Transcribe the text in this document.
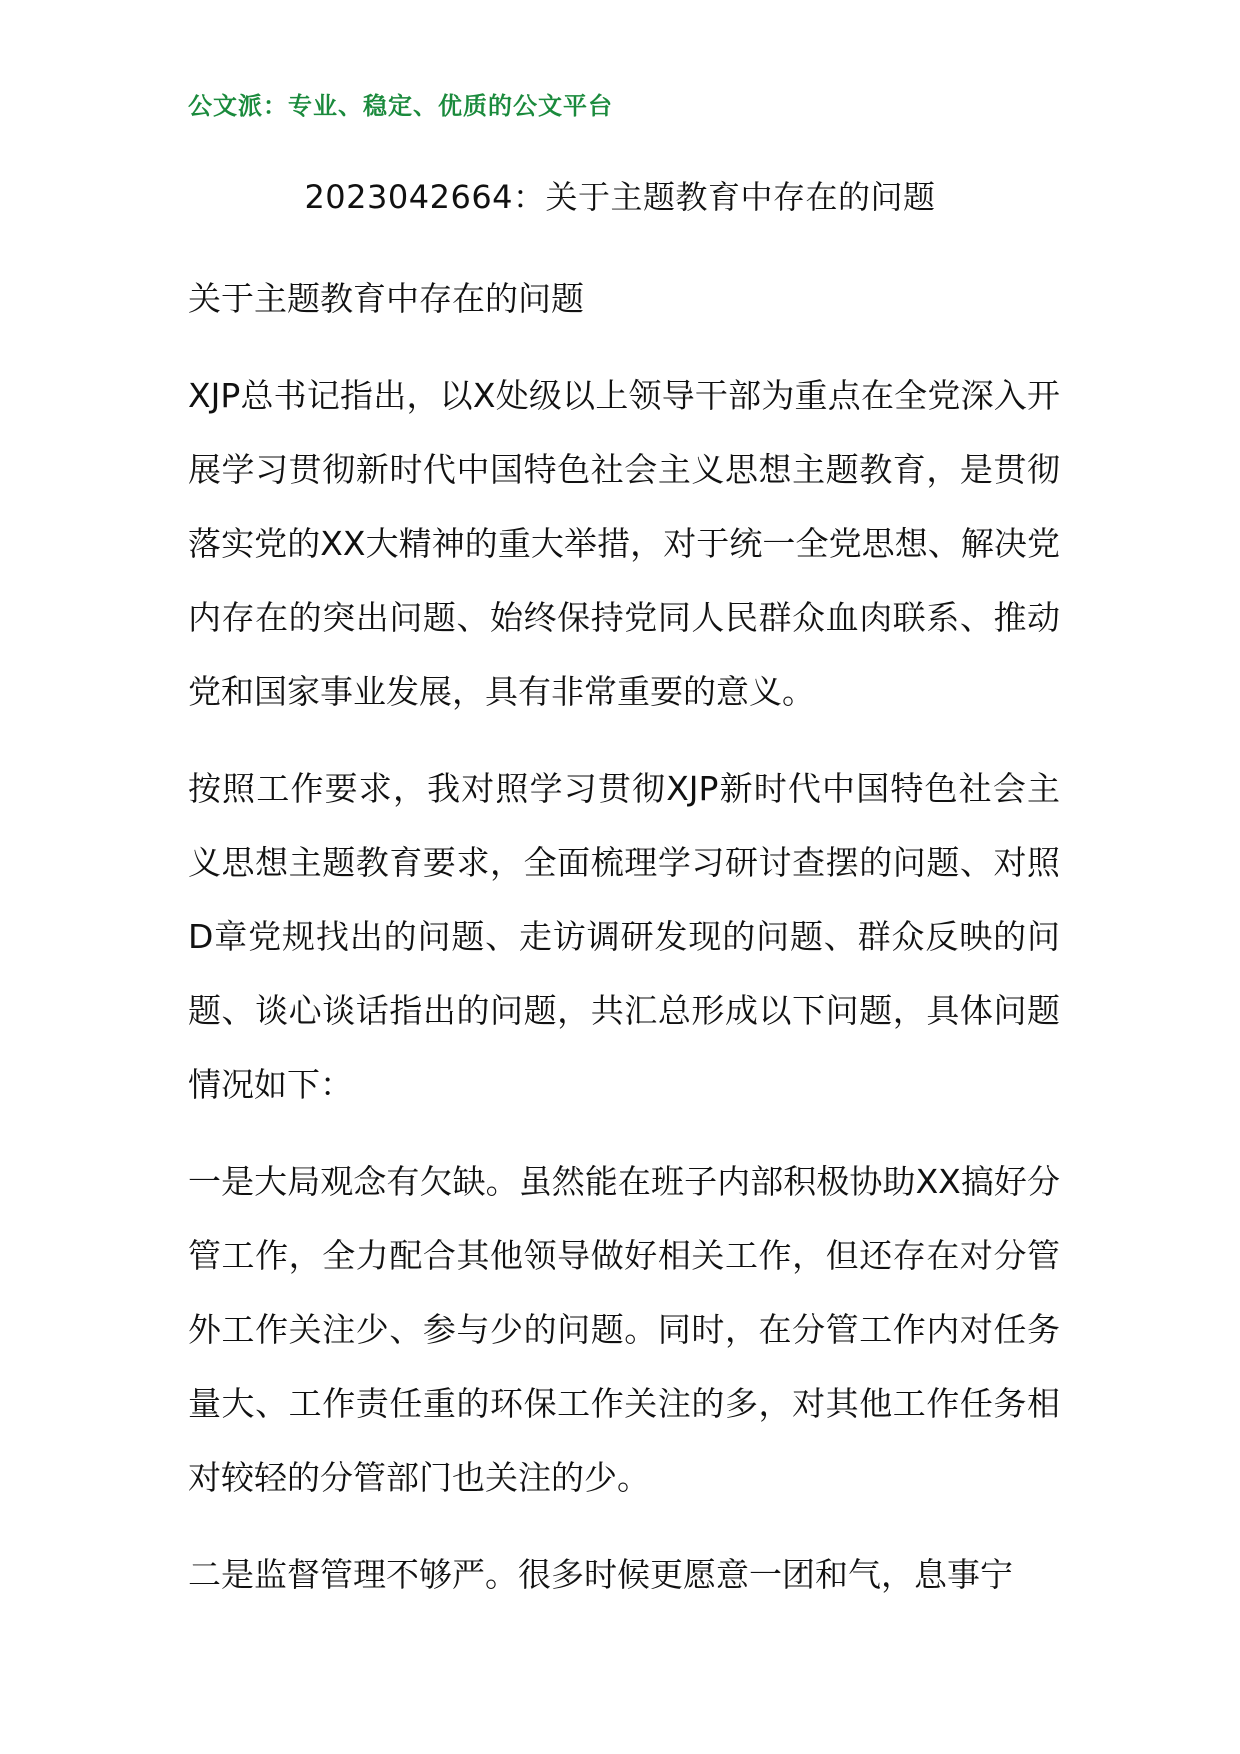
公文派：专业、稳定、优质的公文平台
2023042664：关于主题教育中存在的问题

关于主题教育中存在的问题

XJP总书记指出，以X处级以上领导干部为重点在全党深入开展学习贯彻新时代中国特色社会主义思想主题教育，是贯彻落实党的XX大精神的重大举措，对于统一全党思想、解决党内存在的突出问题、始终保持党同人民群众血肉联系、推动党和国家事业发展，具有非常重要的意义。

按照工作要求，我对照学习贯彻XJP新时代中国特色社会主义思想主题教育要求，全面梳理学习研讨查摆的问题、对照D章党规找出的问题、走访调研发现的问题、群众反映的问题、谈心谈话指出的问题，共汇总形成以下问题，具体问题情况如下：

一是大局观念有欠缺。虽然能在班子内部积极协助XX搞好分管工作，全力配合其他领导做好相关工作，但还存在对分管外工作关注少、参与少的问题。同时，在分管工作内对任务量大、工作责任重的环保工作关注的多，对其他工作任务相对较轻的分管部门也关注的少。

二是监督管理不够严。很多时候更愿意一团和气，息事宁
